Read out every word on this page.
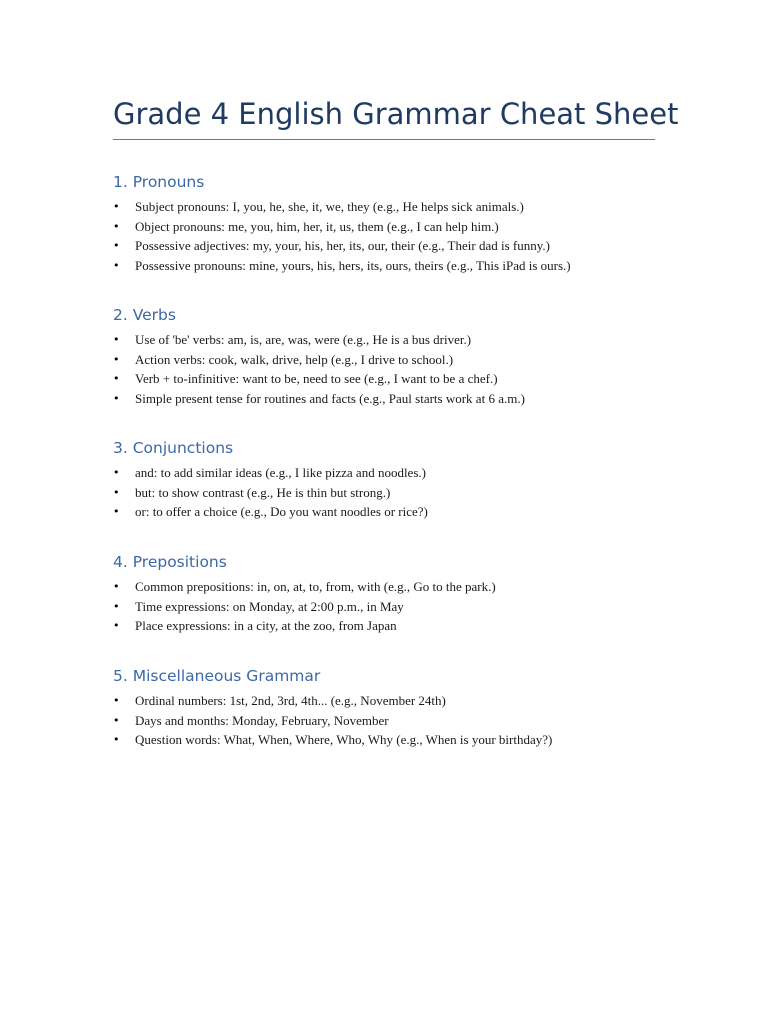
Grade 4 English Grammar Cheat Sheet
1. Pronouns
• Subject pronouns: I, you, he, she, it, we, they (e.g., He helps sick animals.)
• Object pronouns: me, you, him, her, it, us, them (e.g., I can help him.)
• Possessive adjectives: my, your, his, her, its, our, their (e.g., Their dad is funny.)
• Possessive pronouns: mine, yours, his, hers, its, ours, theirs (e.g., This iPad is ours.)
2. Verbs
• Use of 'be' verbs: am, is, are, was, were (e.g., He is a bus driver.)
• Action verbs: cook, walk, drive, help (e.g., I drive to school.)
• Verb + to-infinitive: want to be, need to see (e.g., I want to be a chef.)
• Simple present tense for routines and facts (e.g., Paul starts work at 6 a.m.)
3. Conjunctions
• and: to add similar ideas (e.g., I like pizza and noodles.)
• but: to show contrast (e.g., He is thin but strong.)
• or: to offer a choice (e.g., Do you want noodles or rice?)
4. Prepositions
• Common prepositions: in, on, at, to, from, with (e.g., Go to the park.)
• Time expressions: on Monday, at 2:00 p.m., in May
• Place expressions: in a city, at the zoo, from Japan
5. Miscellaneous Grammar
• Ordinal numbers: 1st, 2nd, 3rd, 4th... (e.g., November 24th)
• Days and months: Monday, February, November
• Question words: What, When, Where, Who, Why (e.g., When is your birthday?)
